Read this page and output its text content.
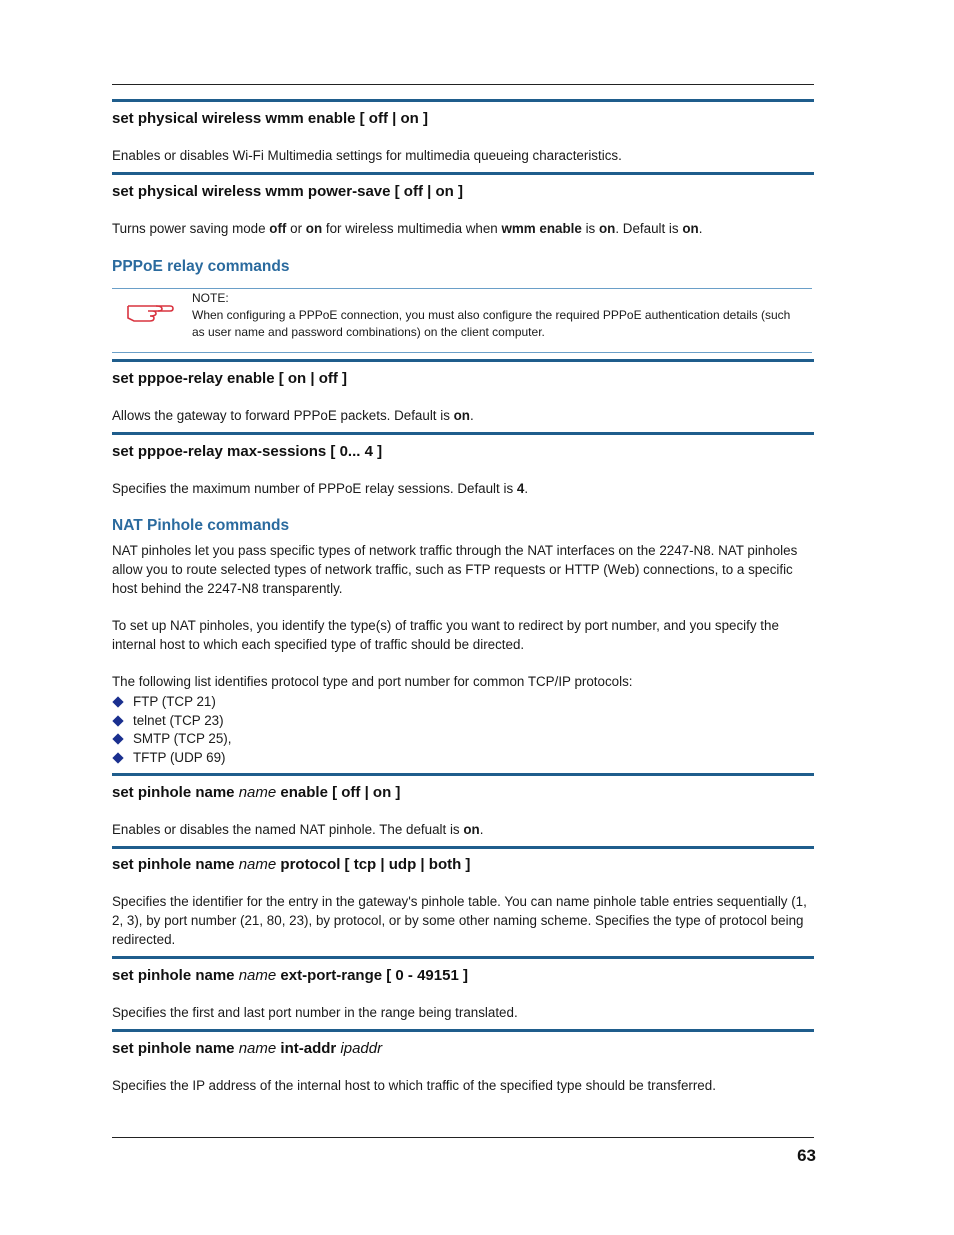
set physical wireless wmm enable [ off | on ]
Enables or disables Wi-Fi Multimedia settings for multimedia queueing characteristics.
set physical wireless wmm power-save [ off | on ]
Turns power saving mode off or on for wireless multimedia when wmm enable is on. Default is on.
PPPoE relay commands
NOTE:
When configuring a PPPoE connection, you must also configure the required PPPoE authentication details (such as user name and password combinations) on the client computer.
set pppoe-relay enable [ on | off ]
Allows the gateway to forward PPPoE packets. Default is on.
set pppoe-relay max-sessions [ 0... 4 ]
Specifies the maximum number of PPPoE relay sessions. Default is 4.
NAT Pinhole commands
NAT pinholes let you pass specific types of network traffic through the NAT interfaces on the 2247-N8. NAT pinholes allow you to route selected types of network traffic, such as FTP requests or HTTP (Web) connections, to a specific host behind the 2247-N8 transparently.
To set up NAT pinholes, you identify the type(s) of traffic you want to redirect by port number, and you specify the internal host to which each specified type of traffic should be directed.
The following list identifies protocol type and port number for common TCP/IP protocols:
FTP (TCP 21)
telnet (TCP 23)
SMTP (TCP 25),
TFTP (UDP 69)
set pinhole name name enable [ off | on ]
Enables or disables the named NAT pinhole. The defualt is on.
set pinhole name name protocol [ tcp | udp | both ]
Specifies the identifier for the entry in the gateway's pinhole table. You can name pinhole table entries sequentially (1, 2, 3), by port number (21, 80, 23), by protocol, or by some other naming scheme. Specifies the type of protocol being redirected.
set pinhole name name ext-port-range [ 0 - 49151 ]
Specifies the first and last port number in the range being translated.
set pinhole name name int-addr ipaddr
Specifies the IP address of the internal host to which traffic of the specified type should be transferred.
63
